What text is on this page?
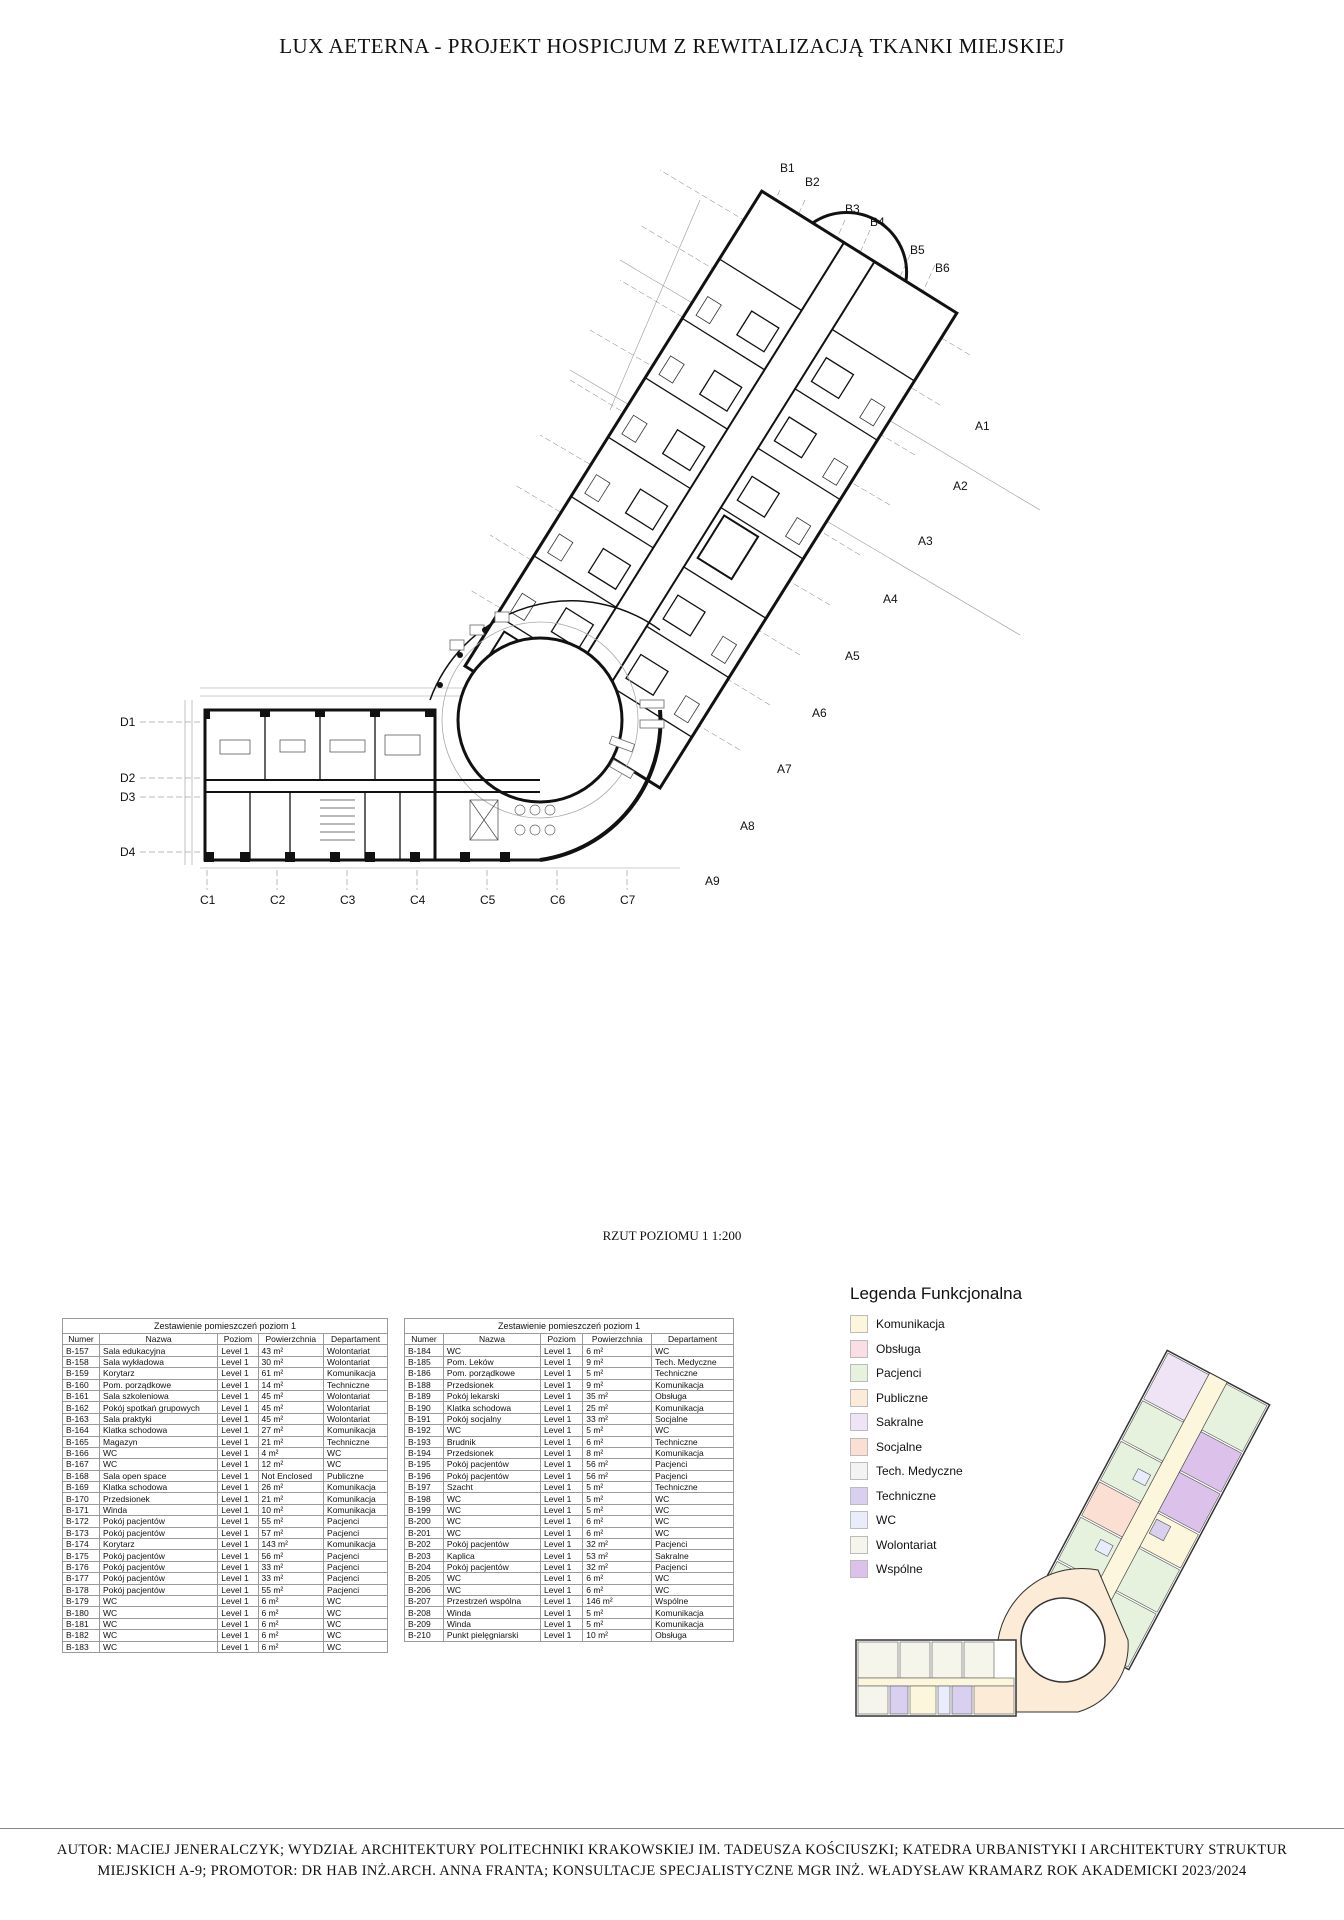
LUX AETERNA - PROJEKT HOSPICJUM Z REWITALIZACJĄ TKANKI MIEJSKIEJ
B1
B2
B3
B4
B5
B6
A1
A2
A3
A4
A5
A6
A7
A8
A9
D1
D2
D3
D4
C1	C2	C3	C4	C5	C6	C7
RZUT POZIOMU 1 1:200
Zestawienie pomieszczeń poziom 1
Numer	Nazwa	Poziom	Powierzchnia	Departament
B-157	Sala edukacyjna	Level 1	43 m²	Wolontariat
B-158	Sala wykładowa	Level 1	30 m²	Wolontariat
B-159	Korytarz	Level 1	61 m²	Komunikacja
B-160	Pom. porządkowe	Level 1	14 m²	Techniczne
B-161	Sala szkoleniowa	Level 1	45 m²	Wolontariat
B-162	Pokój spotkań grupowych	Level 1	45 m²	Wolontariat
B-163	Sala praktyki	Level 1	45 m²	Wolontariat
B-164	Klatka schodowa	Level 1	27 m²	Komunikacja
B-165	Magazyn	Level 1	21 m²	Techniczne
B-166	WC	Level 1	4 m²	WC
B-167	WC	Level 1	12 m²	WC
B-168	Sala open space	Level 1	Not Enclosed	Publiczne
B-169	Klatka schodowa	Level 1	26 m²	Komunikacja
B-170	Przedsionek	Level 1	21 m²	Komunikacja
B-171	Winda	Level 1	10 m²	Komunikacja
B-172	Pokój pacjentów	Level 1	55 m²	Pacjenci
B-173	Pokój pacjentów	Level 1	57 m²	Pacjenci
B-174	Korytarz	Level 1	143 m²	Komunikacja
B-175	Pokój pacjentów	Level 1	56 m²	Pacjenci
B-176	Pokój pacjentów	Level 1	33 m²	Pacjenci
B-177	Pokój pacjentów	Level 1	33 m²	Pacjenci
B-178	Pokój pacjentów	Level 1	55 m²	Pacjenci
B-179	WC	Level 1	6 m²	WC
B-180	WC	Level 1	6 m²	WC
B-181	WC	Level 1	6 m²	WC
B-182	WC	Level 1	6 m²	WC
B-183	WC	Level 1	6 m²	WC
Zestawienie pomieszczeń poziom 1
Numer	Nazwa	Poziom	Powierzchnia	Departament
B-184	WC	Level 1	6 m²	WC
B-185	Pom. Leków	Level 1	9 m²	Tech. Medyczne
B-186	Pom. porządkowe	Level 1	5 m²	Techniczne
B-188	Przedsionek	Level 1	9 m²	Komunikacja
B-189	Pokój lekarski	Level 1	35 m²	Obsługa
B-190	Klatka schodowa	Level 1	25 m²	Komunikacja
B-191	Pokój socjalny	Level 1	33 m²	Socjalne
B-192	WC	Level 1	5 m²	WC
B-193	Brudnik	Level 1	6 m²	Techniczne
B-194	Przedsionek	Level 1	8 m²	Komunikacja
B-195	Pokój pacjentów	Level 1	56 m²	Pacjenci
B-196	Pokój pacjentów	Level 1	56 m²	Pacjenci
B-197	Szacht	Level 1	5 m²	Techniczne
B-198	WC	Level 1	5 m²	WC
B-199	WC	Level 1	5 m²	WC
B-200	WC	Level 1	6 m²	WC
B-201	WC	Level 1	6 m²	WC
B-202	Pokój pacjentów	Level 1	32 m²	Pacjenci
B-203	Kaplica	Level 1	53 m²	Sakralne
B-204	Pokój pacjentów	Level 1	32 m²	Pacjenci
B-205	WC	Level 1	6 m²	WC
B-206	WC	Level 1	6 m²	WC
B-207	Przestrzeń wspólna	Level 1	146 m²	Wspólne
B-208	Winda	Level 1	5 m²	Komunikacja
B-209	Winda	Level 1	5 m²	Komunikacja
B-210	Punkt pielęgniarski	Level 1	10 m²	Obsługa
Legenda Funkcjonalna
Komunikacja
Obsługa
Pacjenci
Publiczne
Sakralne
Socjalne
Tech. Medyczne
Techniczne
WC
Wolontariat
Wspólne
AUTOR: MACIEJ JENERALCZYK; WYDZIAŁ ARCHITEKTURY POLITECHNIKI KRAKOWSKIEJ IM. TADEUSZA KOŚCIUSZKI; KATEDRA URBANISTYKI I ARCHITEKTURY STRUKTUR
MIEJSKICH A-9; PROMOTOR: DR HAB INŻ.ARCH. ANNA FRANTA; KONSULTACJE SPECJALISTYCZNE MGR INŻ. WŁADYSŁAW KRAMARZ ROK AKADEMICKI 2023/2024
